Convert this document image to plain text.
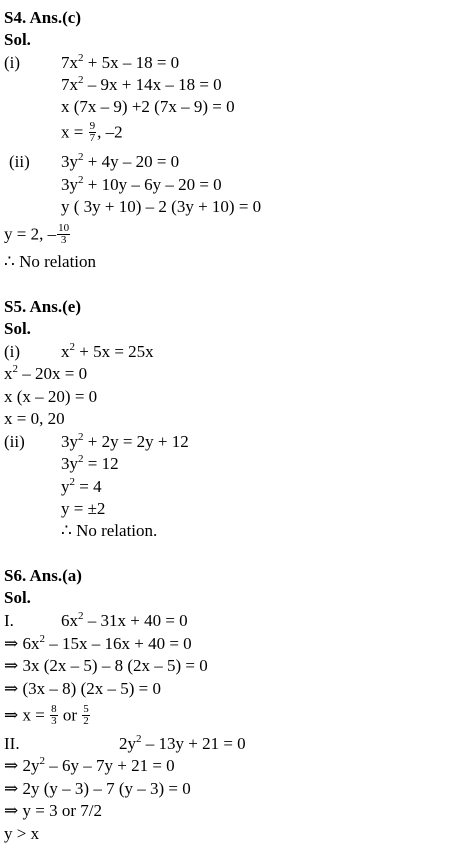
S4. Ans.(c)
Sol.
(i) $7x^2 + 5x - 18 = 0$
$7x^2 - 9x + 14x - 18 = 0$
x (7x – 9) +2 (7x – 9) = 0
$x = \frac{9}{7}$ , –2
(ii) $3y^2 + 4y - 20 = 0$
$3y^2 + 10y - 6y - 20 = 0$
y ( 3y + 10) – 2 (3y + 10) = 0
y = 2, – $\frac{10}{3}$
∴ No relation
S5. Ans.(e)
Sol.
(i) $x^2 + 5x = 25x$
$x^2 - 20x = 0$
x (x – 20) = 0
x = 0, 20
(ii) $3y^2 + 2y = 2y + 12$
$3y^2 = 12$
$y^2 = 4$
y = ±2
∴ No relation.
S6. Ans.(a)
Sol.
I.	$6x^2 - 31x + 40 = 0$
⇒ $6x^2 - 15x - 16x + 40 = 0$
⇒ 3x (2x – 5) – 8 (2x – 5) = 0
⇒ (3x – 8) (2x – 5) = 0
⇒ $x = \frac{8}{3}$ or $\frac{5}{2}$
II.	$2y^2 - 13y + 21 = 0$
⇒ $2y^2 - 6y - 7y + 21 = 0$
⇒ 2y (y – 3) – 7 (y – 3) = 0
⇒ y = 3 or 7/2
y > x
